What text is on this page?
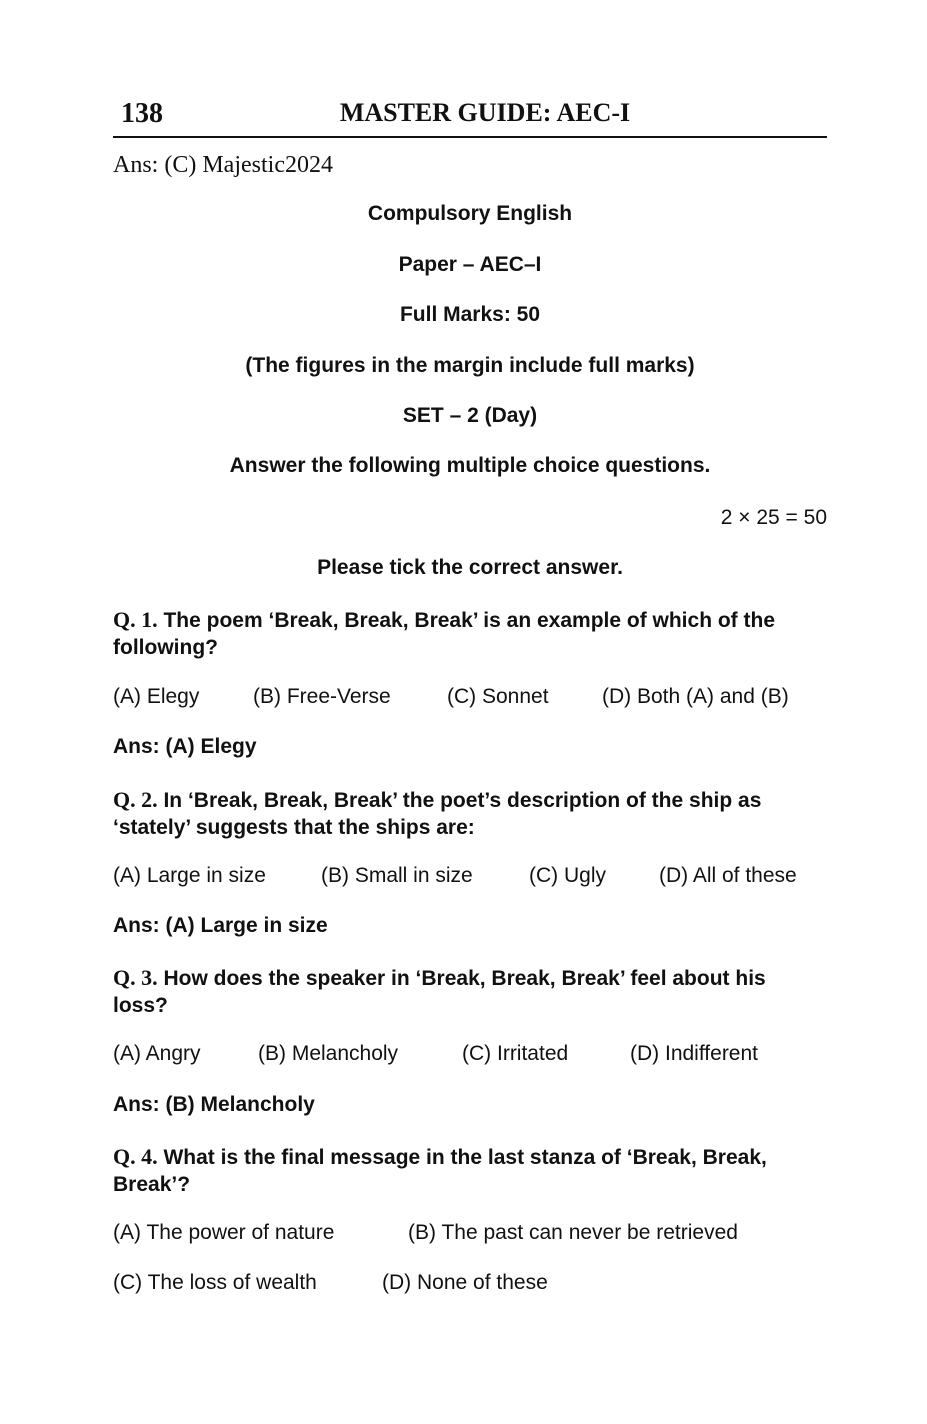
138	MASTER GUIDE: AEC-I
Ans: (C) Majestic2024
Compulsory English
Paper – AEC–I
Full Marks: 50
(The figures in the margin include full marks)
SET – 2 (Day)
Answer the following multiple choice questions.
2 × 25 = 50
Please tick the correct answer.
Q. 1. The poem ‘Break, Break, Break’ is an example of which of the
following?
(A) Elegy	(B) Free-Verse	(C) Sonnet	(D) Both (A) and (B)
Ans: (A) Elegy
Q. 2. In ‘Break, Break, Break’ the poet’s description of the ship as
‘stately’ suggests that the ships are:
(A) Large in size	(B) Small in size	(C) Ugly	(D) All of these
Ans: (A) Large in size
Q. 3. How does the speaker in ‘Break, Break, Break’ feel about his
loss?
(A) Angry	(B) Melancholy	(C) Irritated	(D) Indifferent
Ans: (B) Melancholy
Q. 4. What is the final message in the last stanza of ‘Break, Break,
Break’?
(A) The power of nature	(B) The past can never be retrieved
(C) The loss of wealth	(D) None of these
